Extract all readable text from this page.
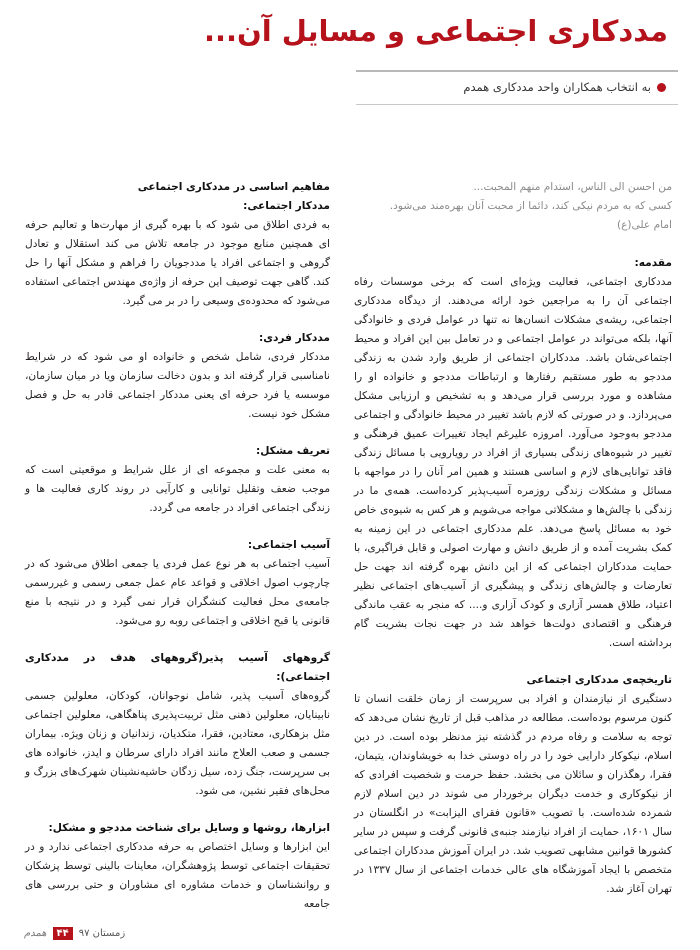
مددکاری اجتماعی و مسایل آن...
به انتخاب همکاران واحد مددکاری همدم

من احسن الی الناس، استدام منهم المحبت...

کسی که به مردم نیکی کند، دائما از محبت آنان بهره‌مند می‌شود.

امام علی(ع)

مقدمه:

مددکاری اجتماعی، فعالیت ویژه‌ای است که برخی موسسات رفاه اجتماعی آن را به مراجعین خود ارائه می‌دهند. از دیدگاه مددکاری اجتماعی، ریشه‌ی مشکلات انسان‌ها نه تنها در عوامل فردی و خانوادگی آنها، بلکه می‌تواند در عوامل اجتماعی و در تعامل بین این افراد و محیط اجتماعی‌شان باشد. مددکاران اجتماعی از طریق وارد شدن به زندگی مددجو به طور مستقیم رفتارها و ارتباطات مددجو و خانواده او را مشاهده و مورد بررسی قرار می‌دهد و به تشخیص و ارزیابی مشکل می‌پردازد. و در صورتی که لازم باشد تغییر در محیط خانوادگی و اجتماعی مددجو به‌وجود می‌آورد. امروزه علیرغم ایجاد تغییرات عمیق فرهنگی و تغییر در شیوه‌های زندگی بسیاری از افراد در رویارویی با مسائل زندگی فاقد توانایی‌های لازم و اساسی هستند و همین امر آنان را در مواجهه با مسائل و مشکلات زندگی روزمره آسیب‌پذیر کرده‌است. همه‌ی ما در زندگی با چالش‌ها و مشکلاتی مواجه می‌شویم و هر کس به شیوه‌ی خاص خود به مسائل پاسخ می‌دهد. علم مددکاری اجتماعی در این زمینه به کمک بشریت آمده و از طریق دانش و مهارت اصولی و قابل فراگیری، با حمایت مددکاران اجتماعی که از این دانش بهره گرفته اند جهت حل تعارضات و چالش‌های زندگی و پیشگیری از آسیب‌های اجتماعی نظیر اعتیاد، طلاق همسر آزاری و کودک آزاری و.... که منجر به عقب ماندگی فرهنگی و اقتصادی دولت‌ها خواهد شد در جهت نجات بشریت گام برداشته است.

تاریخچه‌ی مددکاری اجتماعی

دستگیری از نیازمندان و افراد بی سرپرست از زمان خلقت انسان تا کنون مرسوم بوده‌است. مطالعه در مذاهب قبل از تاریخ نشان می‌دهد که توجه به سلامت و رفاه مردم در گذشته نیز مدنظر بوده است. در دین اسلام، نیکوکار دارایی خود را در راه دوستی خدا به خویشاوندان، یتیمان، فقرا، رهگذران و سائلان می بخشد. حفظ حرمت و شخصیت افرادی که از نیکوکاری و خدمت دیگران برخوردار می شوند در دین اسلام لازم شمرده شده‌است. با تصویب «قانون فقرای الیزابت» در انگلستان در سال ۱۶۰۱، حمایت از افراد نیازمند جنبه‌ی قانونی گرفت و سپس در سایر کشورها قوانین مشابهی تصویب شد. در ایران آموزش مددکاران اجتماعی متخصص با ایجاد آموزشگاه های عالی خدمات اجتماعی از سال ۱۳۳۷ در تهران آغاز شد.

مفاهیم اساسی در مددکاری اجتماعی

مددکار اجتماعی:

به فردی اطلاق می شود که با بهره گیری از مهارت‌ها و تعالیم حرفه ای همچنین منابع موجود در جامعه تلاش می کند استقلال و تعادل گروهی و اجتماعی افراد یا مددجویان را فراهم و مشکل آنها را حل کند. گاهی جهت توصیف این حرفه از واژه‌ی مهندس اجتماعی استفاده می‌شود که محدوده‌ی وسیعی را در بر می گیرد.

مددکار فردی:

مددکار فردی، شامل شخص و خانواده او می شود که در شرایط نامناسبی قرار گرفته اند و بدون دخالت سازمان ویا در میان سازمان، موسسه یا فرد حرفه ای یعنی مددکار اجتماعی قادر به حل و فصل مشکل خود نیست.

تعریف مشکل:

به معنی علت و مجموعه ای از علل شرایط و موقعیتی است که موجب ضعف وتقلیل توانایی و کارآیی در روند کاری فعالیت ها و زندگی اجتماعی افراد در جامعه می گردد.

آسیب اجتماعی:

آسیب اجتماعی به هر نوع عمل فردی یا جمعی اطلاق می‌شود که در چارچوب اصول اخلاقی و قواعد عام عمل جمعی رسمی و غیررسمی جامعه‌ی محل فعالیت کنشگران قرار نمی گیرد و در نتیجه با منع قانونی یا قبح اخلاقی و اجتماعی روبه رو می‌شود.

گروههای آسیب پذیر(گروههای هدف در مددکاری اجتماعی):

گروه‌های آسیب پذیر، شامل نوجوانان، کودکان، معلولین جسمی نابینایان، معلولین ذهنی مثل تربیت‌پذیری پناهگاهی، معلولین اجتماعی مثل بزهکاری، معتادین، فقرا، متکدیان، زندانیان و زنان ویژه. بیماران جسمی و صعب العلاج مانند افراد دارای سرطان و ایدز، خانواده های بی سرپرست، جنگ زده، سیل زدگان حاشیه‌نشینان شهرک‌های بزرگ و محل‌های فقیر نشین، می شود.

ابزارها، روشها و وسایل برای شناخت مددجو و مشکل:

این ابزارها و وسایل اختصاص به حرفه مددکاری اجتماعی ندارد و در تحقیقات اجتماعی توسط پژوهشگران، معاینات بالینی توسط پزشکان و روانشناسان و خدمات مشاوره ای مشاوران و حتی بررسی های جامعه

زمستان ۹۷
۴۴
همدم
